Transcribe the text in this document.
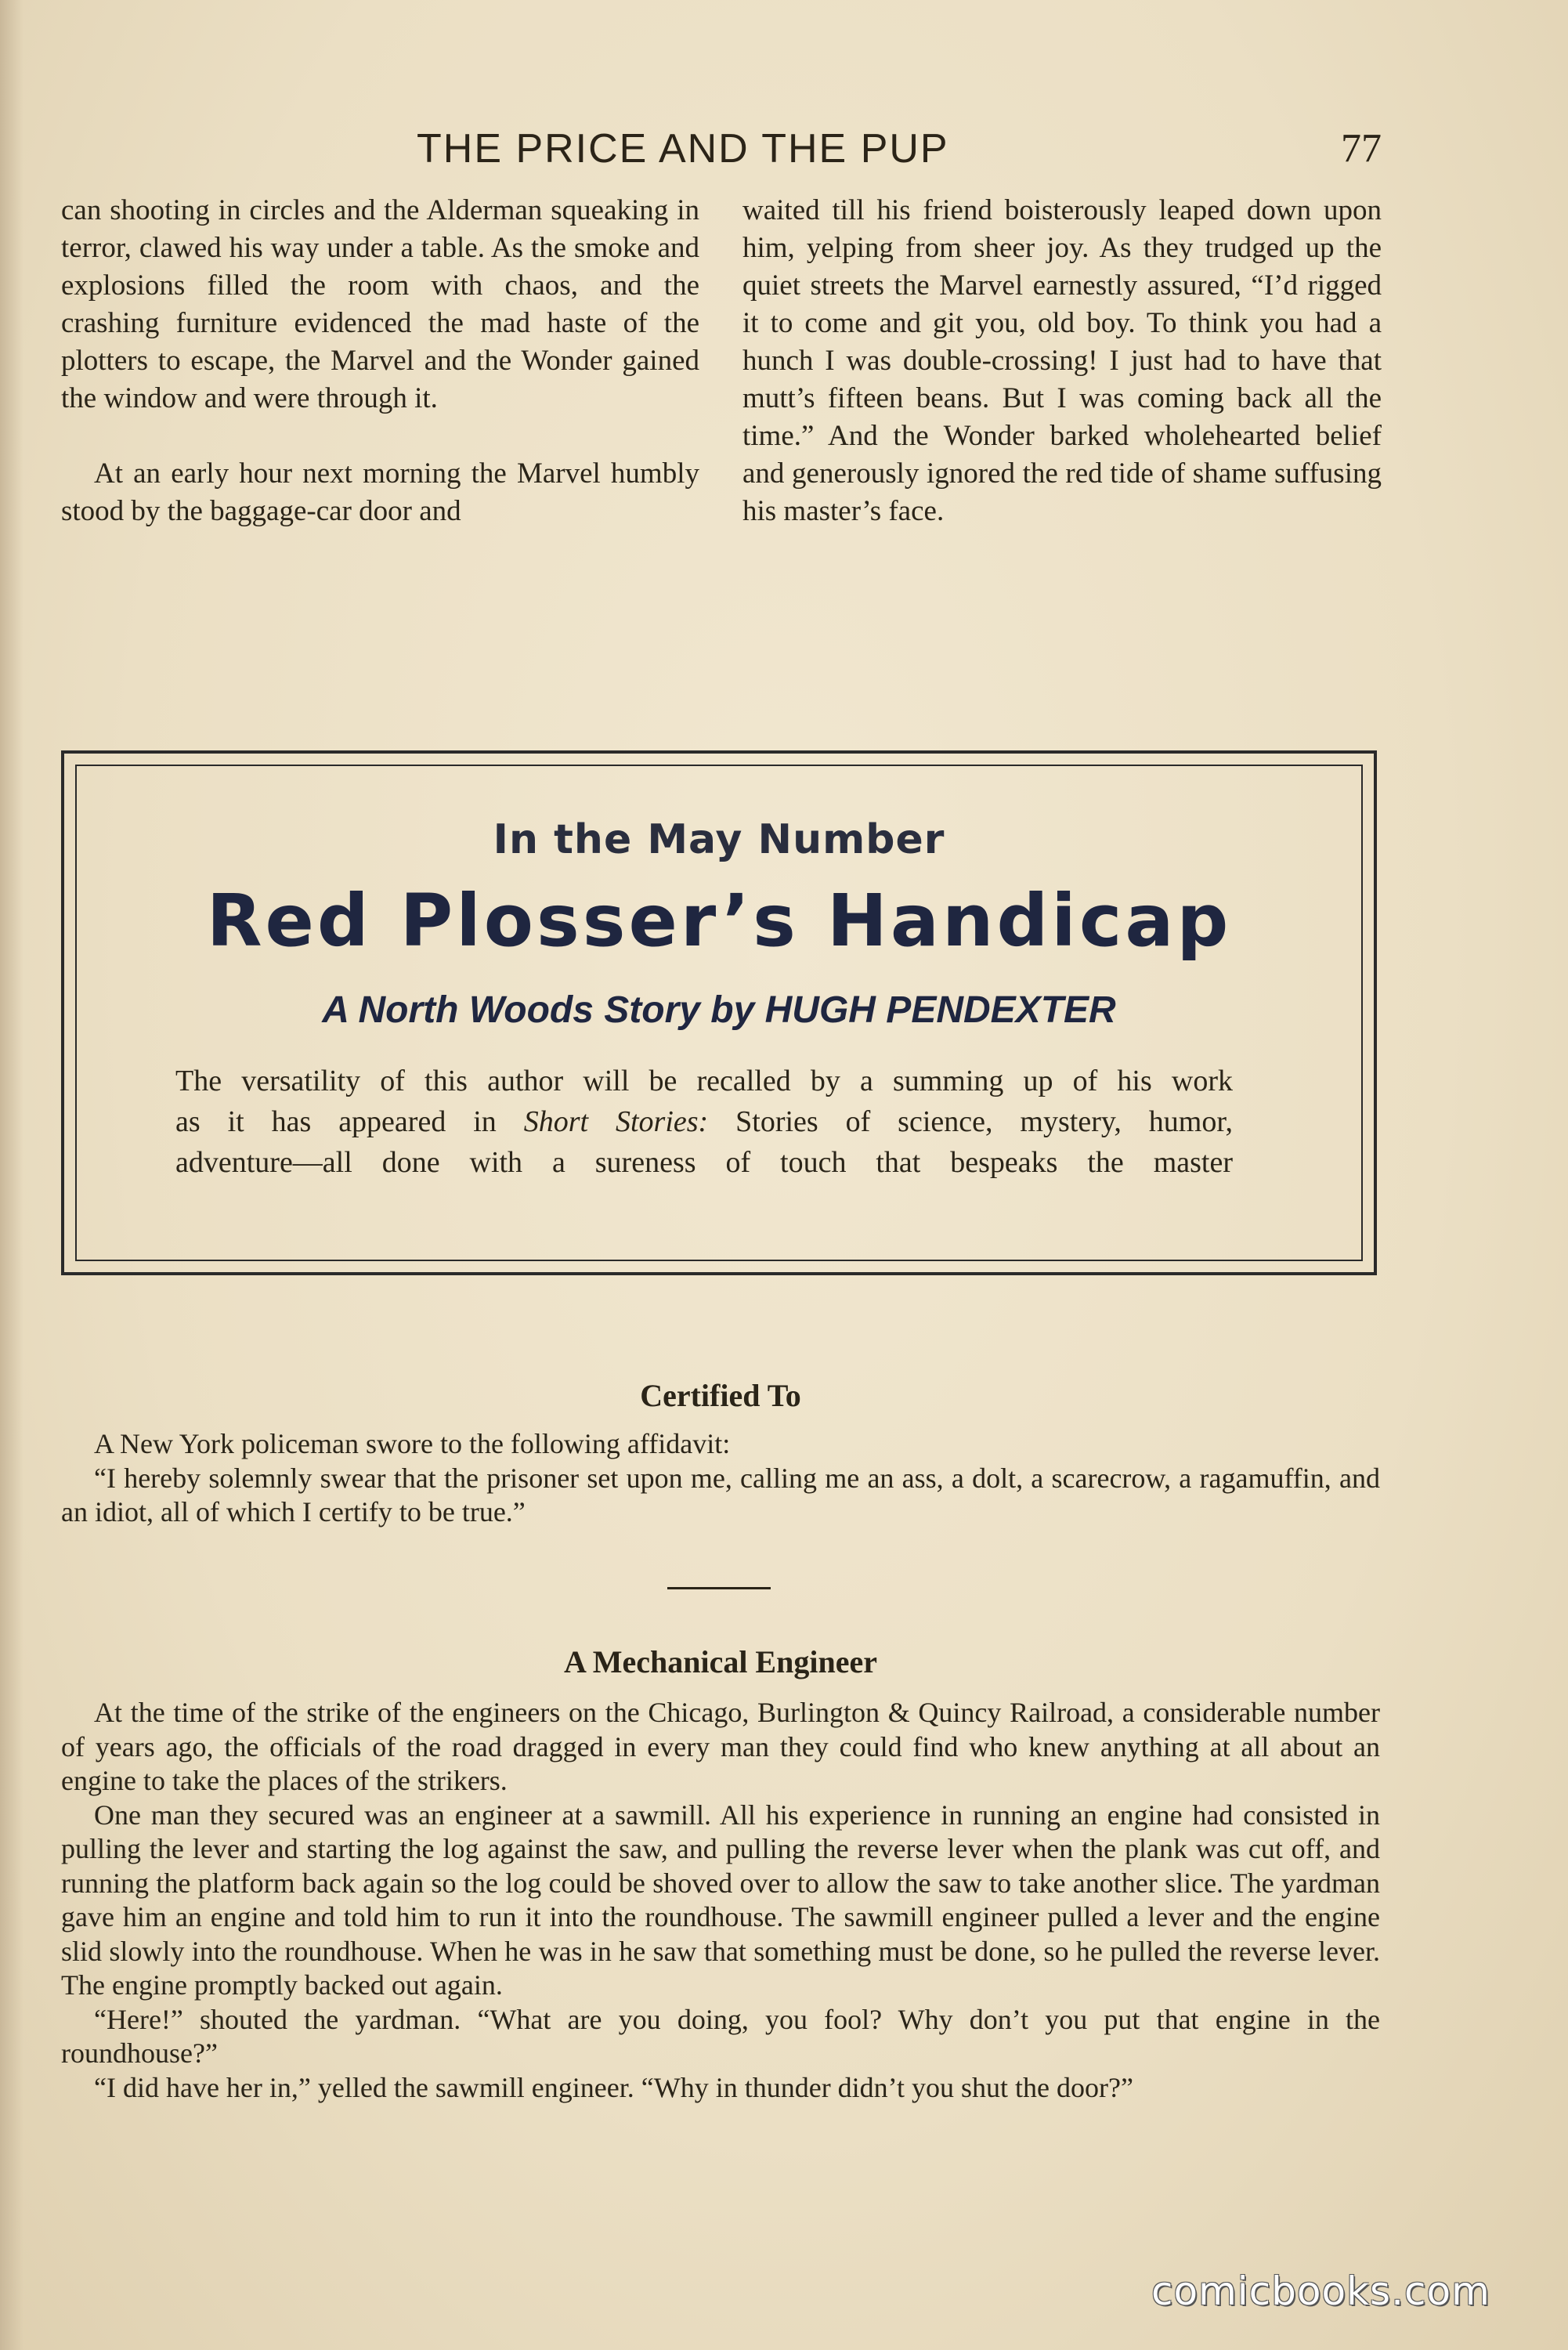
THE PRICE AND THE PUP	77

can shooting in circles and the Alderman squeaking in terror, clawed his way under a table. As the smoke and explosions filled the room with chaos, and the crashing furniture evidenced the mad haste of the plotters to escape, the Marvel and the Wonder gained the window and were through it.

At an early hour next morning the Marvel humbly stood by the baggage-car door and

waited till his friend boisterously leaped down upon him, yelping from sheer joy. As they trudged up the quiet streets the Marvel earnestly assured, “I’d rigged it to come and git you, old boy. To think you had a hunch I was double-crossing! I just had to have that mutt’s fifteen beans. But I was coming back all the time.” And the Wonder barked wholehearted belief and generously ignored the red tide of shame suffusing his master’s face.

In the May Number
Red Plosser’s Handicap
A North Woods Story by HUGH PENDEXTER
The versatility of this author will be recalled by a summing up of his work
as it has appeared in Short Stories: Stories of science, mystery, humor,
adventure—all done with a sureness of touch that bespeaks the master
Certified To

A New York policeman swore to the following affidavit:

“I hereby solemnly swear that the prisoner set upon me, calling me an ass, a dolt, a scarecrow, a ragamuffin, and an idiot, all of which I certify to be true.”

A Mechanical Engineer

At the time of the strike of the engineers on the Chicago, Burlington & Quincy Railroad, a considerable number of years ago, the officials of the road dragged in every man they could find who knew anything at all about an engine to take the places of the strikers.

One man they secured was an engineer at a sawmill. All his experience in running an engine had consisted in pulling the lever and starting the log against the saw, and pulling the reverse lever when the plank was cut off, and running the platform back again so the log could be shoved over to allow the saw to take another slice. The yardman gave him an engine and told him to run it into the roundhouse. The sawmill engineer pulled a lever and the engine slid slowly into the roundhouse. When he was in he saw that something must be done, so he pulled the reverse lever. The engine promptly backed out again.

“Here!” shouted the yardman. “What are you doing, you fool? Why don’t you put that engine in the roundhouse?”

“I did have her in,” yelled the sawmill engineer. “Why in thunder didn’t you shut the door?”

comicbooks.com
